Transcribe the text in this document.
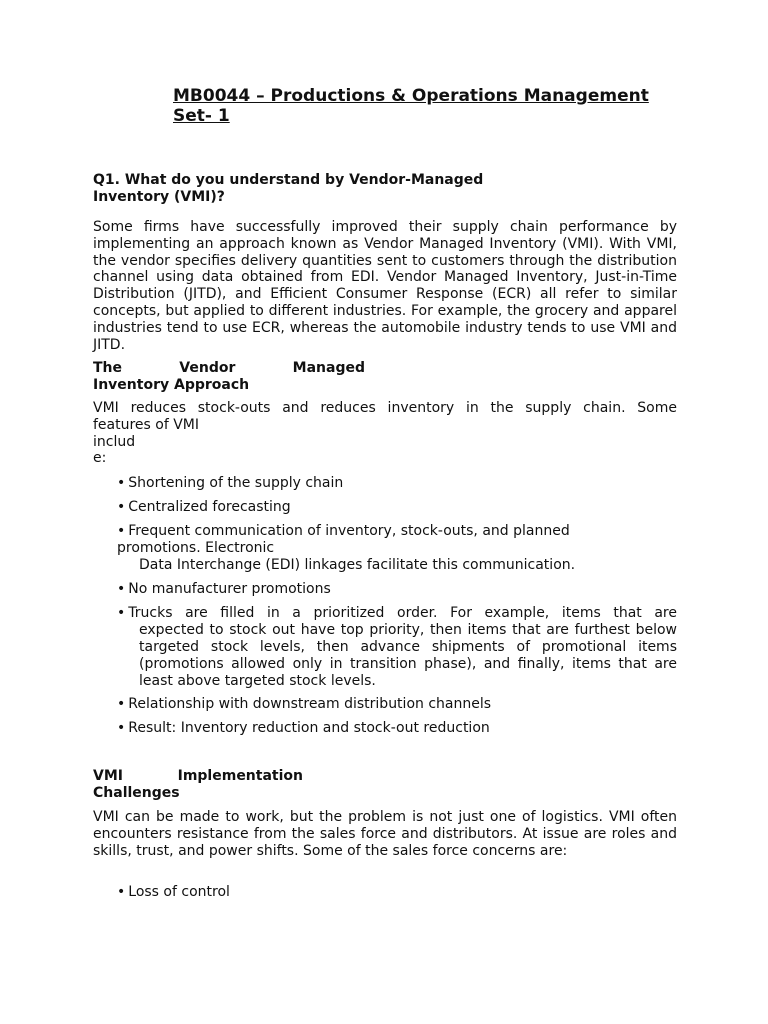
MB0044 – Productions & Operations Management
Set- 1
Q1. What do you understand by Vendor-Managed Inventory (VMI)?
Some firms have successfully improved their supply chain performance by implementing an approach known as Vendor Managed Inventory (VMI). With VMI, the vendor specifies delivery quantities sent to customers through the distribution channel using data obtained from EDI. Vendor Managed Inventory, Just-in-Time Distribution (JITD), and Efficient Consumer Response (ECR) all refer to similar concepts, but applied to different industries. For example, the grocery and apparel industries tend to use ECR, whereas the automobile industry tends to use VMI and JITD.
The Vendor Managed
Inventory Approach
VMI reduces stock-outs and reduces inventory in the supply chain. Some
features of VMI
includ
e:
• Shortening of the supply chain
• Centralized forecasting
• Frequent communication of inventory, stock-outs, and planned
promotions. Electronic
Data Interchange (EDI) linkages facilitate this communication.
• No manufacturer promotions
• Trucks are filled in a prioritized order. For example, items that are
expected to stock out have top priority, then items that are furthest below targeted stock levels, then advance shipments of promotional items (promotions allowed only in transition phase), and finally, items that are least above targeted stock levels.
• Relationship with downstream distribution channels
• Result: Inventory reduction and stock-out reduction
VMI Implementation
Challenges
VMI can be made to work, but the problem is not just one of logistics. VMI often encounters resistance from the sales force and distributors. At issue are roles and skills, trust, and power shifts. Some of the sales force concerns are:
• Loss of control
